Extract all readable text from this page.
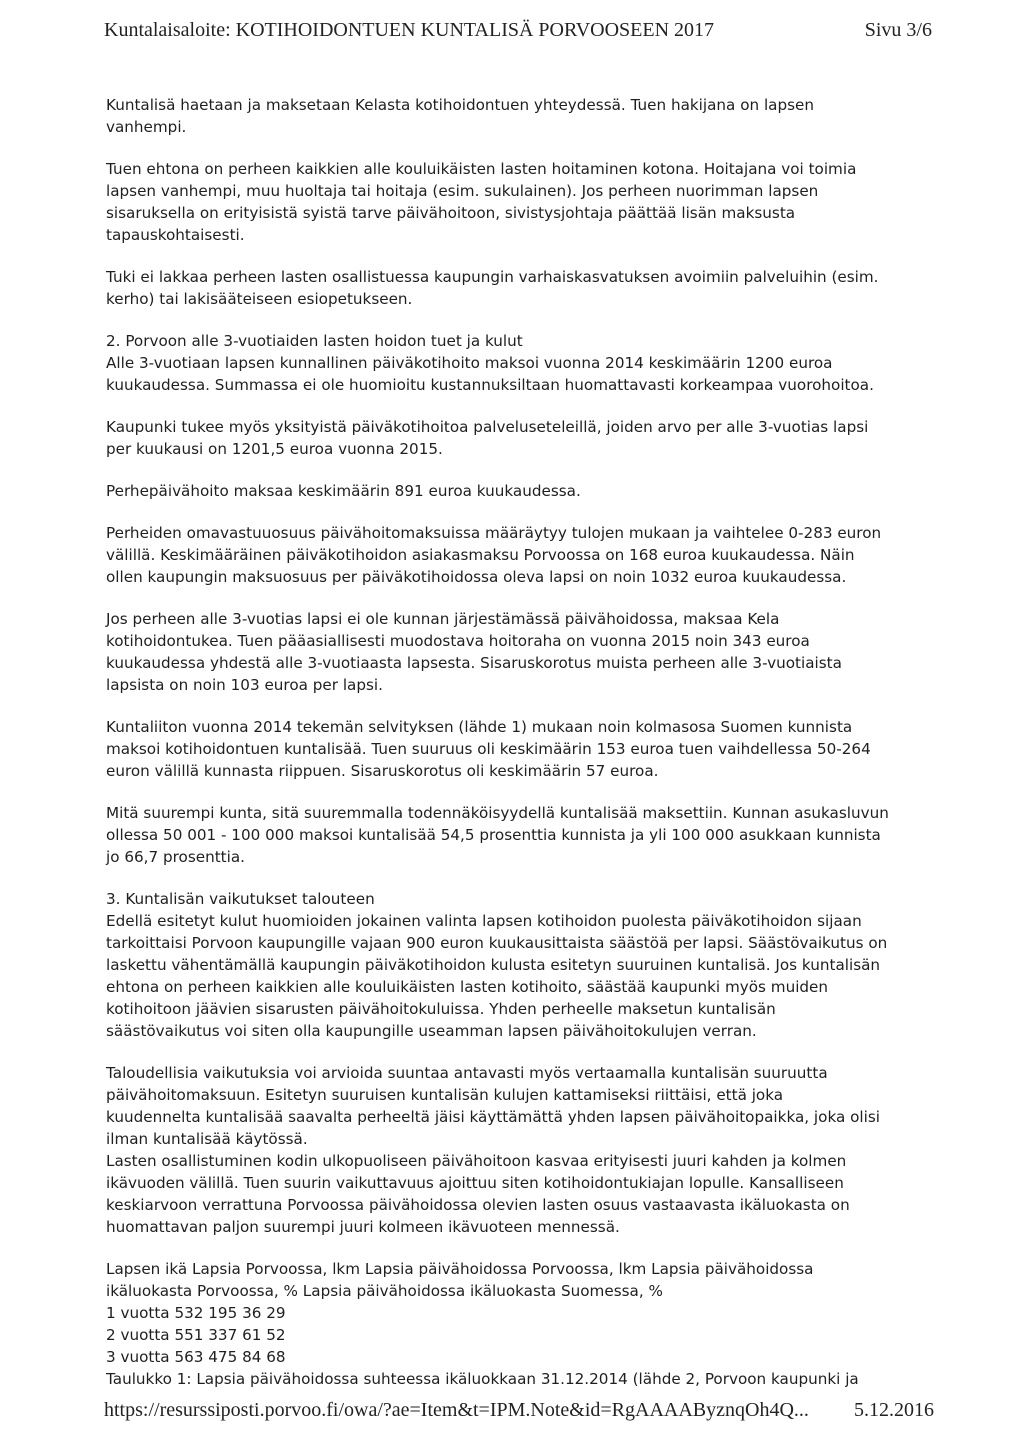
Kuntalaisaloite: KOTIHOIDONTUEN KUNTALISÄ PORVOOSEEN 2017	Sivu 3/6

Kuntalisä haetaan ja maksetaan Kelasta kotihoidontuen yhteydessä. Tuen hakijana on lapsen
vanhempi.

Tuen ehtona on perheen kaikkien alle kouluikäisten lasten hoitaminen kotona. Hoitajana voi toimia
lapsen vanhempi, muu huoltaja tai hoitaja (esim. sukulainen). Jos perheen nuorimman lapsen
sisaruksella on erityisistä syistä tarve päivähoitoon, sivistysjohtaja päättää lisän maksusta
tapauskohtaisesti.

Tuki ei lakkaa perheen lasten osallistuessa kaupungin varhaiskasvatuksen avoimiin palveluihin (esim.
kerho) tai lakisääteiseen esiopetukseen.

2. Porvoon alle 3-vuotiaiden lasten hoidon tuet ja kulut
Alle 3-vuotiaan lapsen kunnallinen päiväkotihoito maksoi vuonna 2014 keskimäärin 1200 euroa
kuukaudessa. Summassa ei ole huomioitu kustannuksiltaan huomattavasti korkeampaa vuorohoitoa.

Kaupunki tukee myös yksityistä päiväkotihoitoa palveluseteleillä, joiden arvo per alle 3-vuotias lapsi
per kuukausi on 1201,5 euroa vuonna 2015.

Perhepäivähoito maksaa keskimäärin 891 euroa kuukaudessa.

Perheiden omavastuuosuus päivähoitomaksuissa määräytyy tulojen mukaan ja vaihtelee 0-283 euron
välillä. Keskimääräinen päiväkotihoidon asiakasmaksu Porvoossa on 168 euroa kuukaudessa. Näin
ollen kaupungin maksuosuus per päiväkotihoidossa oleva lapsi on noin 1032 euroa kuukaudessa.

Jos perheen alle 3-vuotias lapsi ei ole kunnan järjestämässä päivähoidossa, maksaa Kela
kotihoidontukea. Tuen pääasiallisesti muodostava hoitoraha on vuonna 2015 noin 343 euroa
kuukaudessa yhdestä alle 3-vuotiaasta lapsesta. Sisaruskorotus muista perheen alle 3-vuotiaista
lapsista on noin 103 euroa per lapsi.

Kuntaliiton vuonna 2014 tekemän selvityksen (lähde 1) mukaan noin kolmasosa Suomen kunnista
maksoi kotihoidontuen kuntalisää. Tuen suuruus oli keskimäärin 153 euroa tuen vaihdellessa 50-264
euron välillä kunnasta riippuen. Sisaruskorotus oli keskimäärin 57 euroa.

Mitä suurempi kunta, sitä suuremmalla todennäköisyydellä kuntalisää maksettiin. Kunnan asukasluvun
ollessa 50 001 - 100 000 maksoi kuntalisää 54,5 prosenttia kunnista ja yli 100 000 asukkaan kunnista
jo 66,7 prosenttia.

3. Kuntalisän vaikutukset talouteen
Edellä esitetyt kulut huomioiden jokainen valinta lapsen kotihoidon puolesta päiväkotihoidon sijaan
tarkoittaisi Porvoon kaupungille vajaan 900 euron kuukausittaista säästöä per lapsi. Säästövaikutus on
laskettu vähentämällä kaupungin päiväkotihoidon kulusta esitetyn suuruinen kuntalisä. Jos kuntalisän
ehtona on perheen kaikkien alle kouluikäisten lasten kotihoito, säästää kaupunki myös muiden
kotihoitoon jäävien sisarusten päivähoitokuluissa. Yhden perheelle maksetun kuntalisän
säästövaikutus voi siten olla kaupungille useamman lapsen päivähoitokulujen verran.

Taloudellisia vaikutuksia voi arvioida suuntaa antavasti myös vertaamalla kuntalisän suuruutta
päivähoitomaksuun. Esitetyn suuruisen kuntalisän kulujen kattamiseksi riittäisi, että joka
kuudennelta kuntalisää saavalta perheeltä jäisi käyttämättä yhden lapsen päivähoitopaikka, joka olisi
ilman kuntalisää käytössä.
Lasten osallistuminen kodin ulkopuoliseen päivähoitoon kasvaa erityisesti juuri kahden ja kolmen
ikävuoden välillä. Tuen suurin vaikuttavuus ajoittuu siten kotihoidontukiajan lopulle. Kansalliseen
keskiarvoon verrattuna Porvoossa päivähoidossa olevien lasten osuus vastaavasta ikäluokasta on
huomattavan paljon suurempi juuri kolmeen ikävuoteen mennessä.

Lapsen ikä Lapsia Porvoossa, lkm Lapsia päivähoidossa Porvoossa, lkm Lapsia päivähoidossa
ikäluokasta Porvoossa, % Lapsia päivähoidossa ikäluokasta Suomessa, %
1 vuotta 532 195 36 29
2 vuotta 551 337 61 52
3 vuotta 563 475 84 68
Taulukko 1: Lapsia päivähoidossa suhteessa ikäluokkaan 31.12.2014 (lähde 2, Porvoon kaupunki ja

https://resurssiposti.porvoo.fi/owa/?ae=Item&t=IPM.Note&id=RgAAAAByznqOh4Q... 5.12.2016
